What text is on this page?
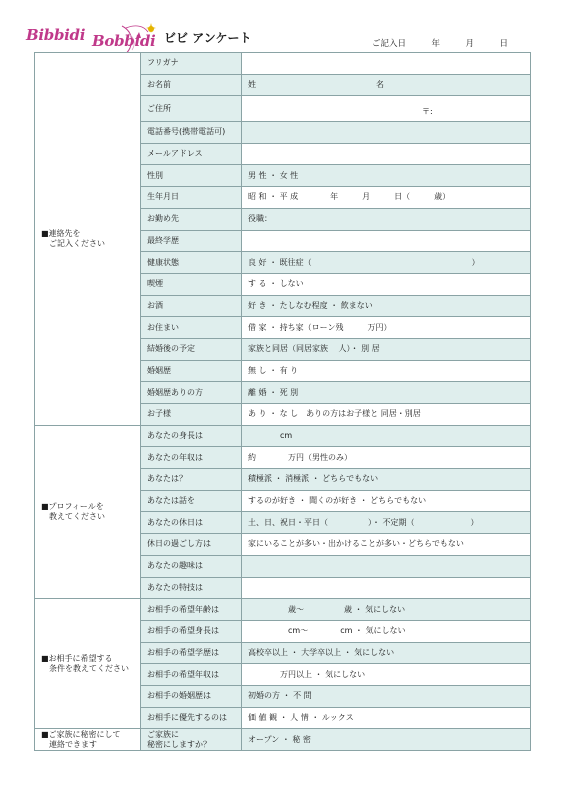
Bibbidi Bobbidi ビビ アンケート	ご記入日　　　年　　　月　　　日
■連絡先を
　ご記入ください	フリガナ	
	お名前	姓　　　　　　　　　　　　　　　名
	ご住所	〒:
	電話番号(携帯電話可)	
	メールアドレス	
	性別	男 性 ・ 女 性
	生年月日	昭 和 ・ 平 成　　　　年　　　月　　　日（　　　歳）
	お勤め先	役職：
	最終学歴	
	健康状態	良 好 ・ 既往症（　　　　　　　　　　　　　　　　　　　　）
	喫煙	す る ・ しない
	お酒	好 き ・ たしなむ程度 ・ 飲まない
	お住まい	借 家 ・ 持ち家（ローン残　　　万円）
	結婚後の予定	家族と同居（同居家族　 人）・ 別 居
	婚姻歴	無 し ・ 有 り
	婚姻歴ありの方	離 婚 ・ 死 別
	お子様	あ り ・ な し　ありの方はお子様と 同居・別居
■プロフィールを
　教えてください	あなたの身長は	　　　　cm
	あなたの年収は	約　　　　万円（男性のみ）
	あなたは？	積極派 ・ 消極派 ・ どちらでもない
	あなたは話を	するのが好き ・ 聞くのが好き ・ どちらでもない
	あなたの休日は	土、日、祝日・平日（　　　　　）・ 不定期（　　　　　　　）
	休日の過ごし方は	家にいることが多い・出かけることが多い・どちらでもない
	あなたの趣味は	
	あなたの特技は	
■お相手に希望する
　条件を教えてください	お相手の希望年齢は	　　　　　歳〜　　　　　歳 ・ 気にしない
	お相手の希望身長は	　　　　　cm〜　　　　cm ・ 気にしない
	お相手の希望学歴は	高校卒以上 ・ 大学卒以上 ・ 気にしない
	お相手の希望年収は	　　　　万円以上 ・ 気にしない
	お相手の婚姻歴は	初婚の方 ・ 不 問
	お相手に優先するのは	価 値 観 ・ 人 情 ・ ルックス
■ご家族に秘密にして
　連絡できます	ご家族に
秘密にしますか？	オープン ・ 秘 密
